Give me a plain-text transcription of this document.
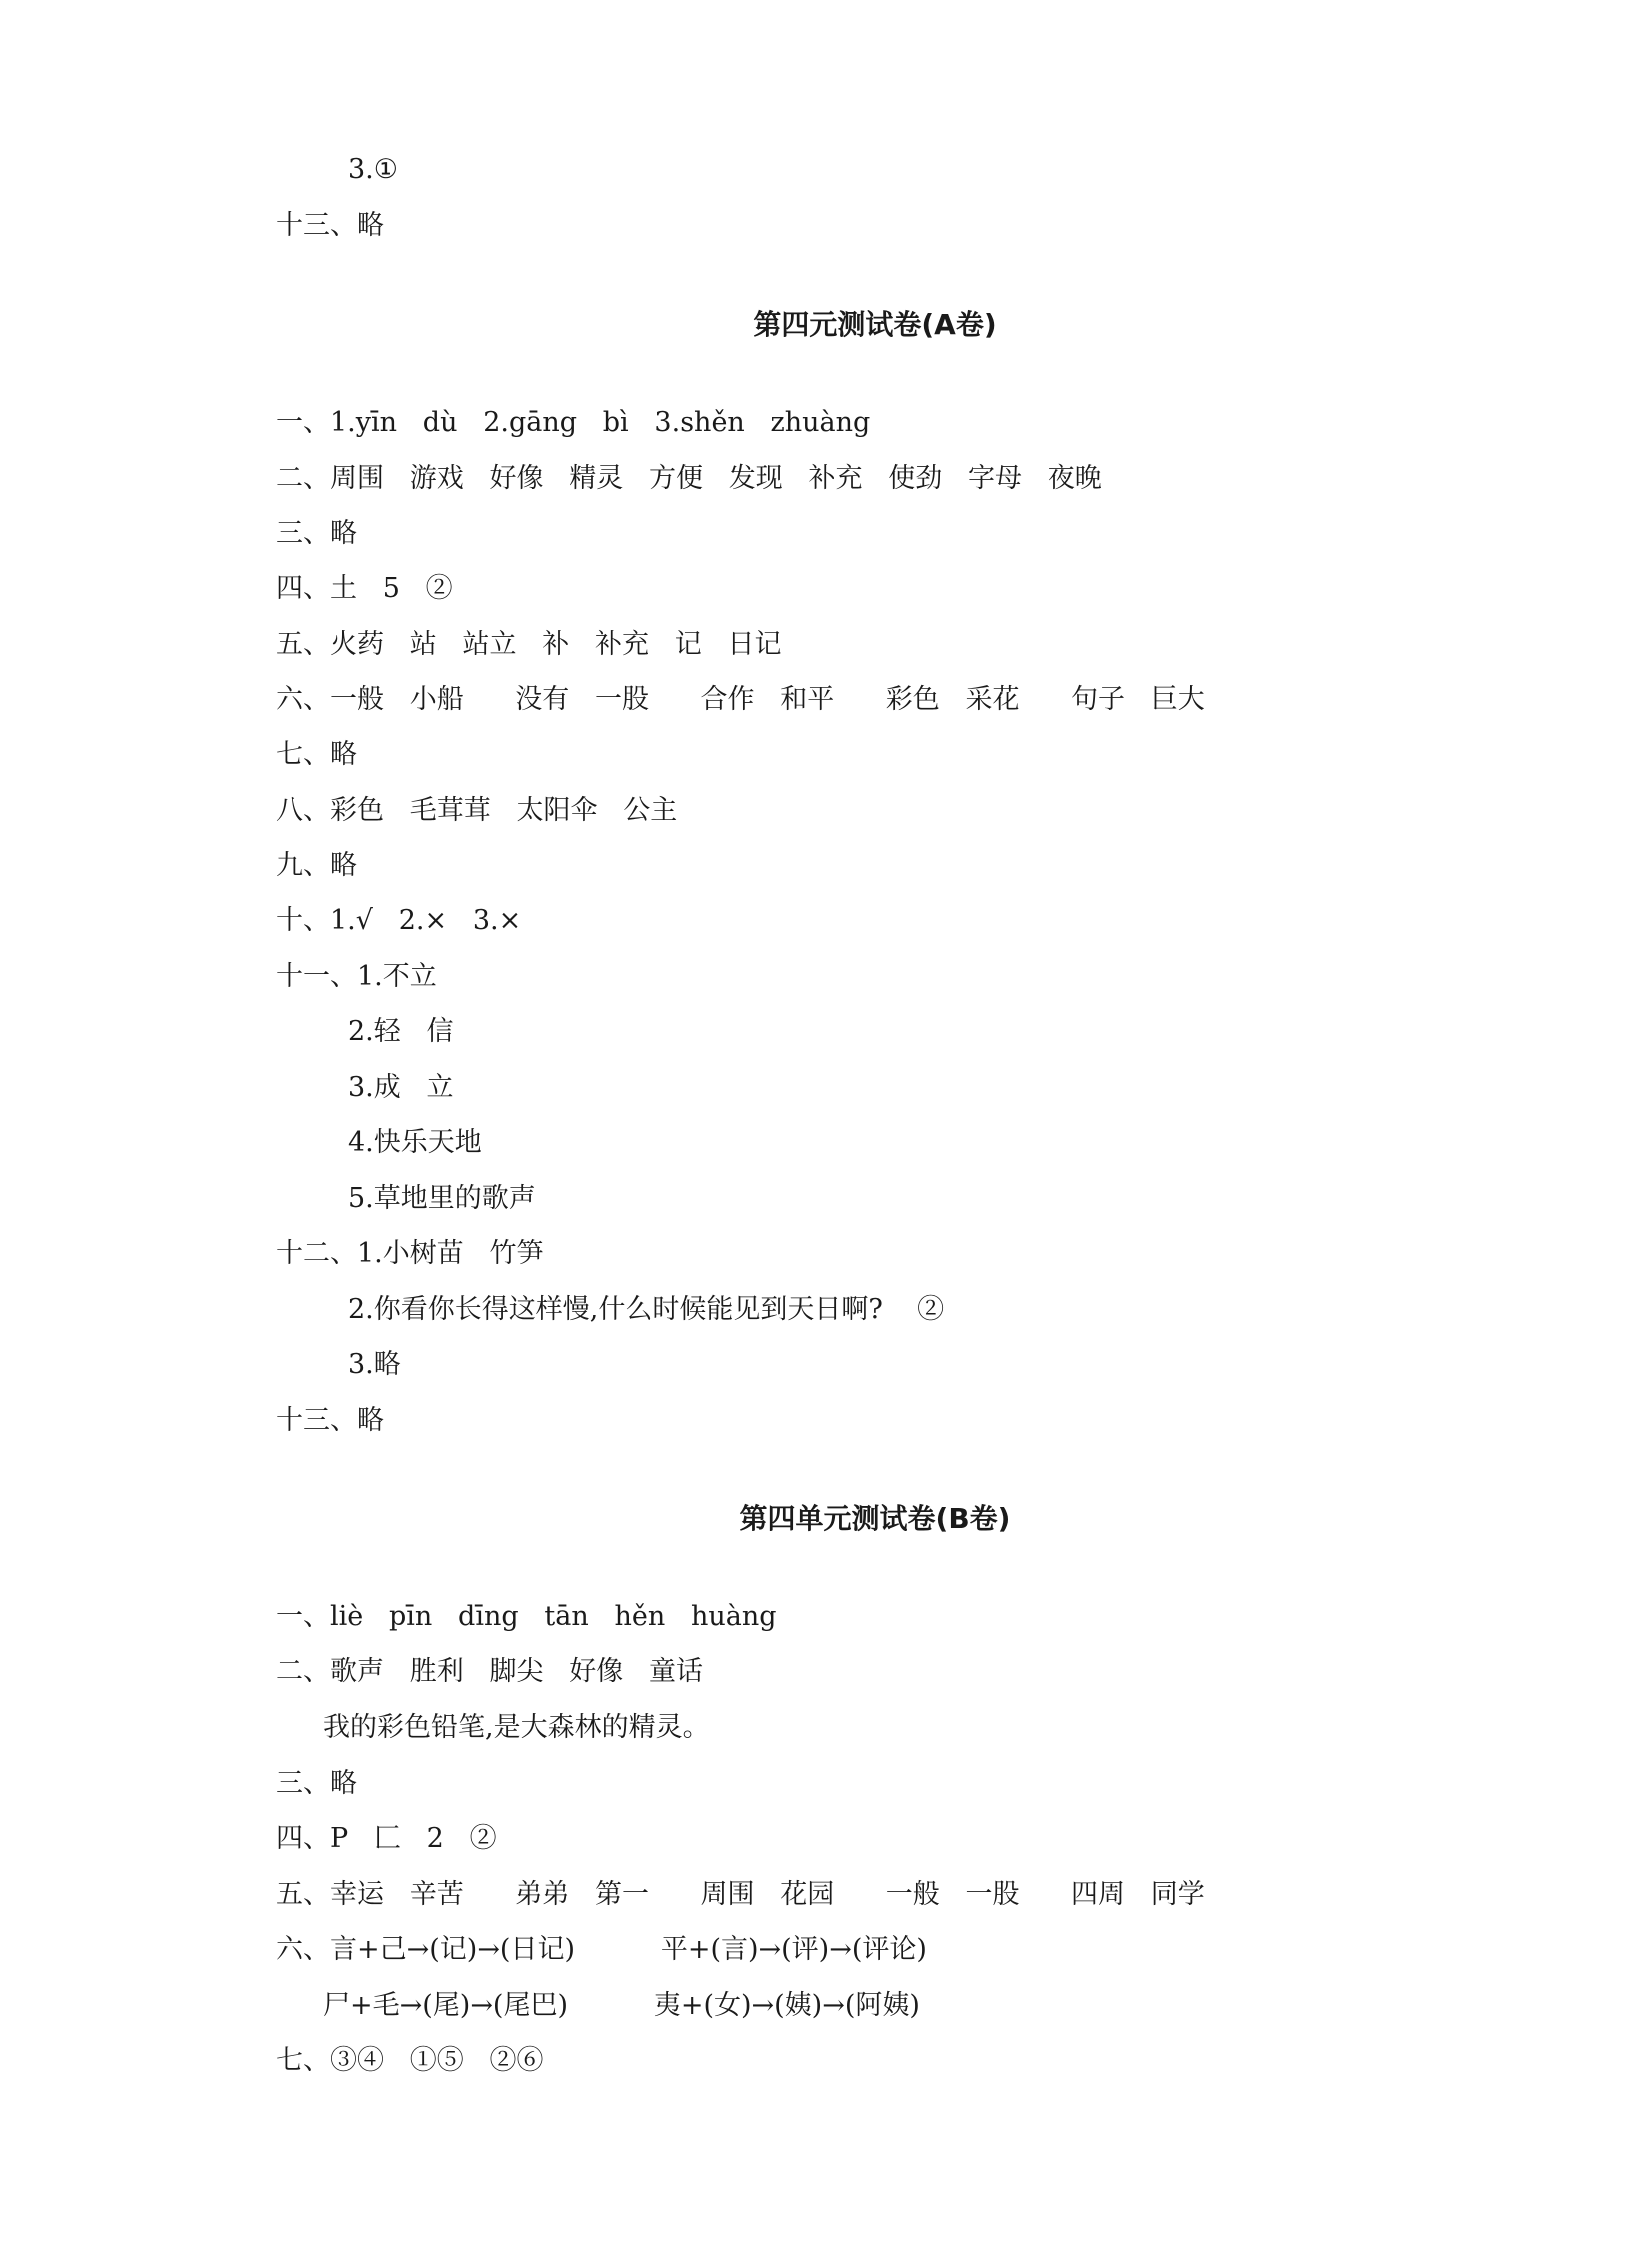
3.①
十三、略
第四元测试卷(A卷)
一、1.yīn   dù   2.gāng   bì   3.shěn   zhuàng
二、周围   游戏   好像   精灵   方便   发现   补充   使劲   字母   夜晚
三、略
四、土   5   ②
五、火药   站   站立   补   补充   记   日记
六、一般   小船      没有   一股      合作   和平      彩色   采花      句子   巨大
七、略
八、彩色   毛茸茸   太阳伞   公主
九、略
十、1.√   2.×   3.×
十一、1.不立
2.轻   信
3.成   立
4.快乐天地
5.草地里的歌声
十二、1.小树苗   竹笋
2.你看你长得这样慢,什么时候能见到天日啊?    ②
3.略
十三、略
第四单元测试卷(B卷)
一、liè   pīn   dīng   tān   hěn   huàng
二、歌声   胜利   脚尖   好像   童话
我的彩色铅笔,是大森林的精灵。
三、略
四、P   匚   2   ②
五、幸运   辛苦      弟弟   第一      周围   花园      一般   一股      四周   同学
六、言+己→(记)→(日记)          平+(言)→(评)→(评论)
尸+毛→(尾)→(尾巴)          夷+(女)→(姨)→(阿姨)
七、③④   ①⑤   ②⑥
